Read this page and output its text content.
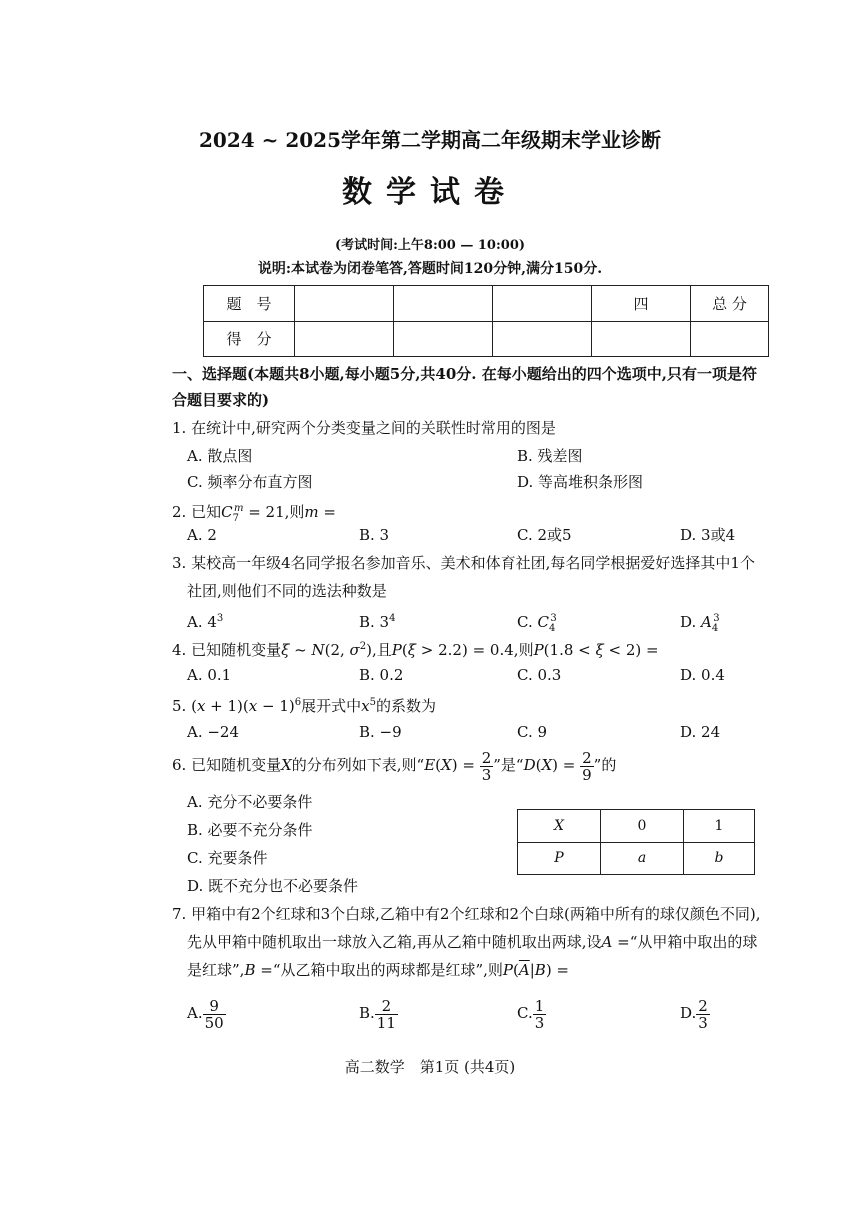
2024 ~ 2025学年第二学期高二年级期末学业诊断
数学试卷
(考试时间:上午8:00 — 10:00)
说明:本试卷为闭卷笔答,答题时间120分钟,满分150分.
题　号				四	总 分
得　分					
一、选择题(本题共8小题,每小题5分,共40分. 在每小题给出的四个选项中,只有一项是符
合题目要求的)
1. 在统计中,研究两个分类变量之间的关联性时常用的图是
A. 散点图	B. 残差图
C. 频率分布直方图	D. 等高堆积条形图
2. 已知$C_7^m = 21$,则m =
A. 2	B. 3	C. 2或5	D. 3或4
3. 某校高一年级4名同学报名参加音乐、美术和体育社团,每名同学根据爱好选择其中1个
社团,则他们不同的选法种数是
A. $4^3$	B. $3^4$	C. $C_4^3$	D. $A_4^3$
4. 已知随机变量ξ ~ N(2, $\sigma^2$),且P(ξ > 2.2) = 0.4,则P(1.8 < ξ < 2) =
A. 0.1	B. 0.2	C. 0.3	D. 0.4
5. $(x + 1)(x - 1)^6$展开式中$x^5$的系数为
A. −24	B. −9	C. 9	D. 24
6. 已知随机变量X的分布列如下表,则“$E(X) = \frac{2}{3}$ ”是“$D(X) = \frac{2}{9}$ ”的
A. 充分不必要条件
B. 必要不充分条件
C. 充要条件
D. 既不充分也不必要条件
X	0	1
P	a	b
7. 甲箱中有2个红球和3个白球,乙箱中有2个红球和2个白球(两箱中所有的球仅颜色不同),
先从甲箱中随机取出一球放入乙箱,再从乙箱中随机取出两球,设A =“从甲箱中取出的球
是红球”,B =“从乙箱中取出的两球都是红球”,则$P(\overline{A}|B)$ =
A. $\frac{9}{50}$	B. $\frac{2}{11}$	C. $\frac{1}{3}$	D. $\frac{2}{3}$
高二数学　第1页 (共4页)
